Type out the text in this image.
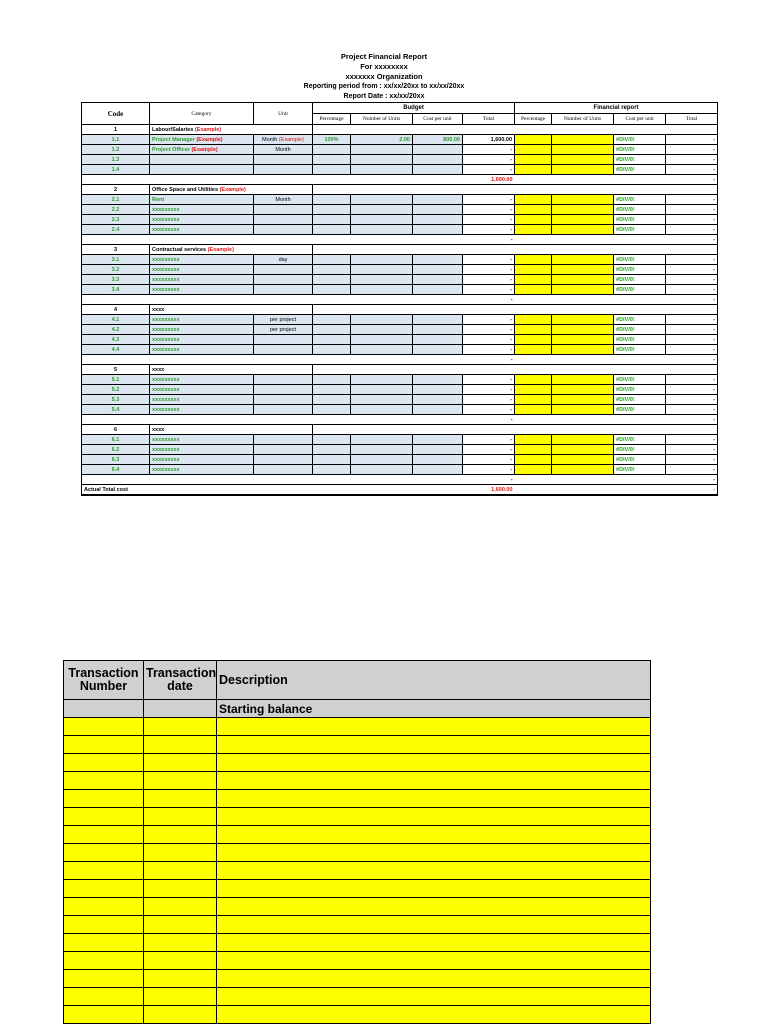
Project Financial Report
For xxxxxxxx
xxxxxxx Organization
Reporting period from : xx/xx/20xx to xx/xx/20xx
Report Date : xx/xx/20xx
Code	Category	Unit	Budget				Financial report			
			Percentage	Number of Units	Cost per unit	Total	Percentage	Number of Units	Cost per unit	Total
1	Labour/Salaries (Example)									
1.1	Project Manager (Example)	Month (Example)	100%	2.00	800.00	1,600.00			#DIV/0!	-
1.2	Project Officer (Example)	Month				-			#DIV/0!	-
1.3						-			#DIV/0!	-
1.4						-			#DIV/0!	-
						1,600.00				-
2	Office Space and Utilities (Example)									
2.1	Rent	Month				-			#DIV/0!	-
2.2	xxxxxxxxx					-			#DIV/0!	-
2.3	xxxxxxxxx					-			#DIV/0!	-
2.4	xxxxxxxxx					-			#DIV/0!	-
						-				-
3	Contractual services (Example)									
3.1	xxxxxxxxx	day				-			#DIV/0!	-
3.2	xxxxxxxxx					-			#DIV/0!	-
3.3	xxxxxxxxx					-			#DIV/0!	-
3.4	xxxxxxxxx					-			#DIV/0!	-
						-				-
4	xxxx									
4.1	xxxxxxxxx	per project				-			#DIV/0!	-
4.2	xxxxxxxxx	per project				-			#DIV/0!	-
4.3	xxxxxxxxx					-			#DIV/0!	-
4.4	xxxxxxxxx					-			#DIV/0!	-
						-				-
5	xxxx									
5.1	xxxxxxxxx					-			#DIV/0!	-
5.2	xxxxxxxxx					-			#DIV/0!	-
5.3	xxxxxxxxx					-			#DIV/0!	-
5.4	xxxxxxxxx					-			#DIV/0!	-
						-				-
6	xxxx									
6.1	xxxxxxxxx					-			#DIV/0!	-
6.2	xxxxxxxxx					-			#DIV/0!	-
6.3	xxxxxxxxx					-			#DIV/0!	-
6.4	xxxxxxxxx					-			#DIV/0!	-
						-				-
Actual Total cost						1,600.00				-
Transaction Number	Transaction date	Description
		Starting balance
